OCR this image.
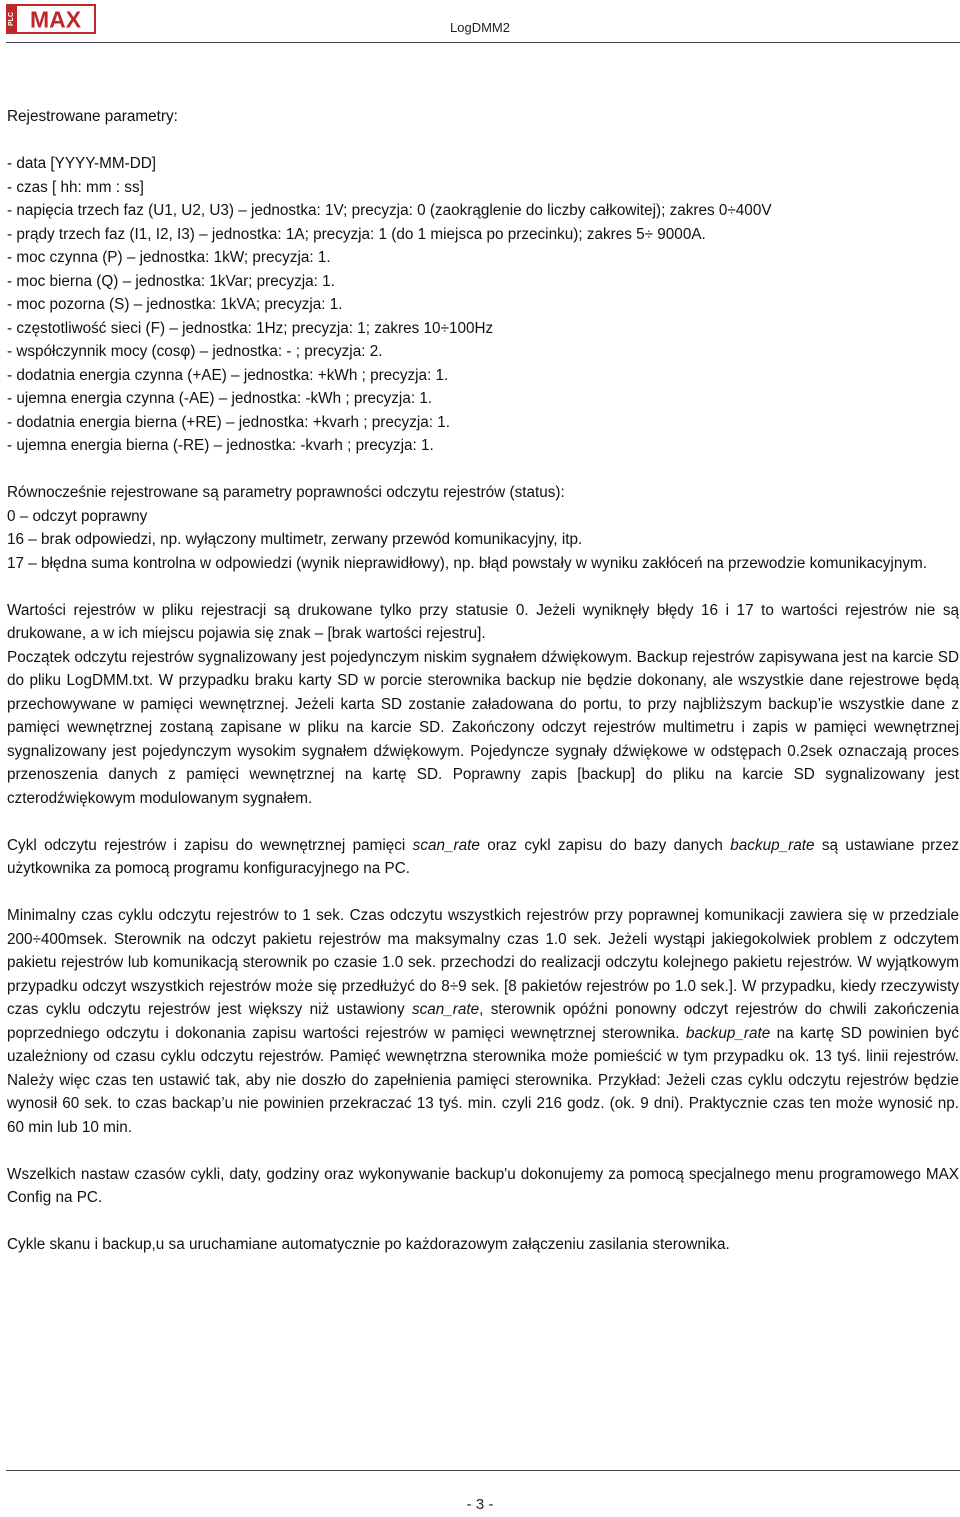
PLC MAX	LogDMM2
Rejestrowane parametry:
- data [YYYY-MM-DD]
- czas [ hh: mm : ss]
- napięcia trzech faz (U1, U2, U3) – jednostka: 1V; precyzja: 0 (zaokrąglenie do liczby całkowitej); zakres 0÷400V
- prądy trzech faz (I1, I2, I3) – jednostka: 1A; precyzja: 1 (do 1 miejsca po przecinku); zakres 5÷ 9000A.
- moc czynna (P) – jednostka: 1kW; precyzja: 1.
- moc bierna (Q) – jednostka: 1kVar; precyzja: 1.
- moc pozorna (S) – jednostka: 1kVA; precyzja: 1.
- częstotliwość sieci (F) – jednostka: 1Hz; precyzja: 1; zakres 10÷100Hz
- współczynnik mocy (cosφ) – jednostka: - ; precyzja: 2.
- dodatnia energia czynna (+AE) – jednostka: +kWh ; precyzja: 1.
- ujemna energia czynna (-AE) – jednostka: -kWh ; precyzja: 1.
- dodatnia energia bierna (+RE) – jednostka: +kvarh ; precyzja: 1.
- ujemna energia bierna (-RE) – jednostka: -kvarh ; precyzja: 1.
Równocześnie rejestrowane są parametry poprawności odczytu rejestrów (status):
0 – odczyt poprawny
16 – brak odpowiedzi, np. wyłączony multimetr, zerwany przewód komunikacyjny, itp.
17 – błędna suma kontrolna w odpowiedzi (wynik nieprawidłowy), np. błąd powstały w wyniku zakłóceń na przewodzie komunikacyjnym.
Wartości rejestrów w pliku rejestracji są drukowane tylko przy statusie 0. Jeżeli wyniknęły błędy 16 i 17 to wartości rejestrów nie są drukowane, a w ich miejscu pojawia się znak – [brak wartości rejestru].
Początek odczytu rejestrów sygnalizowany jest pojedynczym niskim sygnałem dźwiękowym. Backup rejestrów zapisywana jest na karcie SD do pliku LogDMM.txt. W przypadku braku karty SD w porcie sterownika backup nie będzie dokonany, ale wszystkie dane rejestrowe będą przechowywane w pamięci wewnętrznej. Jeżeli karta SD zostanie załadowana do portu, to przy najbliższym backup’ie wszystkie dane z pamięci wewnętrznej zostaną zapisane w pliku na karcie SD. Zakończony odczyt rejestrów multimetru i zapis w pamięci wewnętrznej sygnalizowany jest pojedynczym wysokim sygnałem dźwiękowym. Pojedyncze sygnały dźwiękowe w odstępach 0.2sek oznaczają proces przenoszenia danych z pamięci wewnętrznej na kartę SD. Poprawny zapis [backup] do pliku na karcie SD sygnalizowany jest czterodźwiękowym modulowanym sygnałem.
Cykl odczytu rejestrów i zapisu do wewnętrznej pamięci scan_rate oraz cykl zapisu do bazy danych backup_rate są ustawiane przez użytkownika za pomocą programu konfiguracyjnego na PC.
Minimalny czas cyklu odczytu rejestrów to 1 sek. Czas odczytu wszystkich rejestrów przy poprawnej komunikacji zawiera się w przedziale 200÷400msek. Sterownik na odczyt pakietu rejestrów ma maksymalny czas 1.0 sek. Jeżeli wystąpi jakiegokolwiek problem z odczytem pakietu rejestrów lub komunikacją sterownik po czasie 1.0 sek. przechodzi do realizacji odczytu kolejnego pakietu rejestrów. W wyjątkowym przypadku odczyt wszystkich rejestrów może się przedłużyć do 8÷9 sek. [8 pakietów rejestrów po 1.0 sek.]. W przypadku, kiedy rzeczywisty czas cyklu odczytu rejestrów jest większy niż ustawiony scan_rate, sterownik opóźni ponowny odczyt rejestrów do chwili zakończenia poprzedniego odczytu i dokonania zapisu wartości rejestrów w pamięci wewnętrznej sterownika. backup_rate na kartę SD powinien być uzależniony od czasu cyklu odczytu rejestrów. Pamięć wewnętrzna sterownika może pomieścić w tym przypadku ok. 13 tyś. linii rejestrów. Należy więc czas ten ustawić tak, aby nie doszło do zapełnienia pamięci sterownika. Przykład: Jeżeli czas cyklu odczytu rejestrów będzie wynosił 60 sek. to czas backap’u nie powinien przekraczać 13 tyś. min. czyli 216 godz. (ok. 9 dni). Praktycznie czas ten może wynosić np. 60 min lub 10 min.
Wszelkich nastaw czasów cykli, daty, godziny oraz wykonywanie backup'u dokonujemy za pomocą specjalnego menu programowego MAX Config na PC.
Cykle skanu i backup,u sa uruchamiane automatycznie po każdorazowym załączeniu zasilania sterownika.
- 3 -
